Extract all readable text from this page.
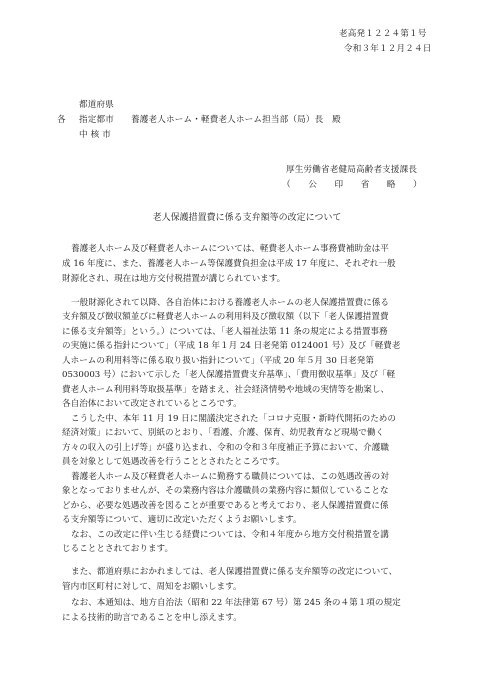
老高発１２２４第１号
令和３年１２月２４日
都道府県
各 指定都市 養護老人ホーム・軽費老人ホーム担当部（局）長　殿
中 核 市
厚生労働省老健局高齢者支援課長
（　　公　　印　　省　　略　　）
老人保護措置費に係る支弁額等の改定について
養護老人ホーム及び軽費老人ホームについては、軽費老人ホーム事務費補助金は平
成 16 年度に、また、養護老人ホーム等保護費負担金は平成 17 年度に、それぞれ一般
財源化され、現在は地方交付税措置が講じられています。
一般財源化されて以降、各自治体における養護老人ホームの老人保護措置費に係る
支弁額及び徴収額並びに軽費老人ホームの利用料及び徴収額（以下「老人保護措置費
に係る支弁額等」という。）については、「老人福祉法第 11 条の規定による措置事務
の実施に係る指針について」（平成 18 年１月 24 日老発第 0124001 号）及び「軽費老
人ホームの利用料等に係る取り扱い指針について」（平成 20 年５月 30 日老発第
0530003 号）において示した「老人保護措置費支弁基準」、「費用徴収基準」及び「軽
費老人ホーム利用料等取扱基準」を踏まえ、社会経済情勢や地域の実情等を勘案し、
各自治体において改定されているところです。
こうした中、本年 11 月 19 日に閣議決定された「コロナ克服・新時代開拓のための
経済対策」において、別紙のとおり、「看護、介護、保育、幼児教育など現場で働く
方々の収入の引上げ等」が盛り込まれ、令和の令和３年度補正予算において、介護職
員を対象として処遇改善を行うこととされたところです。
養護老人ホーム及び軽費老人ホームに勤務する職員については、この処遇改善の対
象となっておりませんが、その業務内容は介護職員の業務内容に類似していることな
どから、必要な処遇改善を図ることが重要であると考えており、老人保護措置費に係
る支弁額等について、適切に改定いただくようお願いします。
なお、この改定に伴い生じる経費については、令和４年度から地方交付税措置を講
じることとされております。
また、都道府県におかれましては、老人保護措置費に係る支弁額等の改定について、
管内市区町村に対して、周知をお願いします。
なお、本通知は、地方自治法（昭和 22 年法律第 67 号）第 245 条の４第１項の規定
による技術的助言であることを申し添えます。
